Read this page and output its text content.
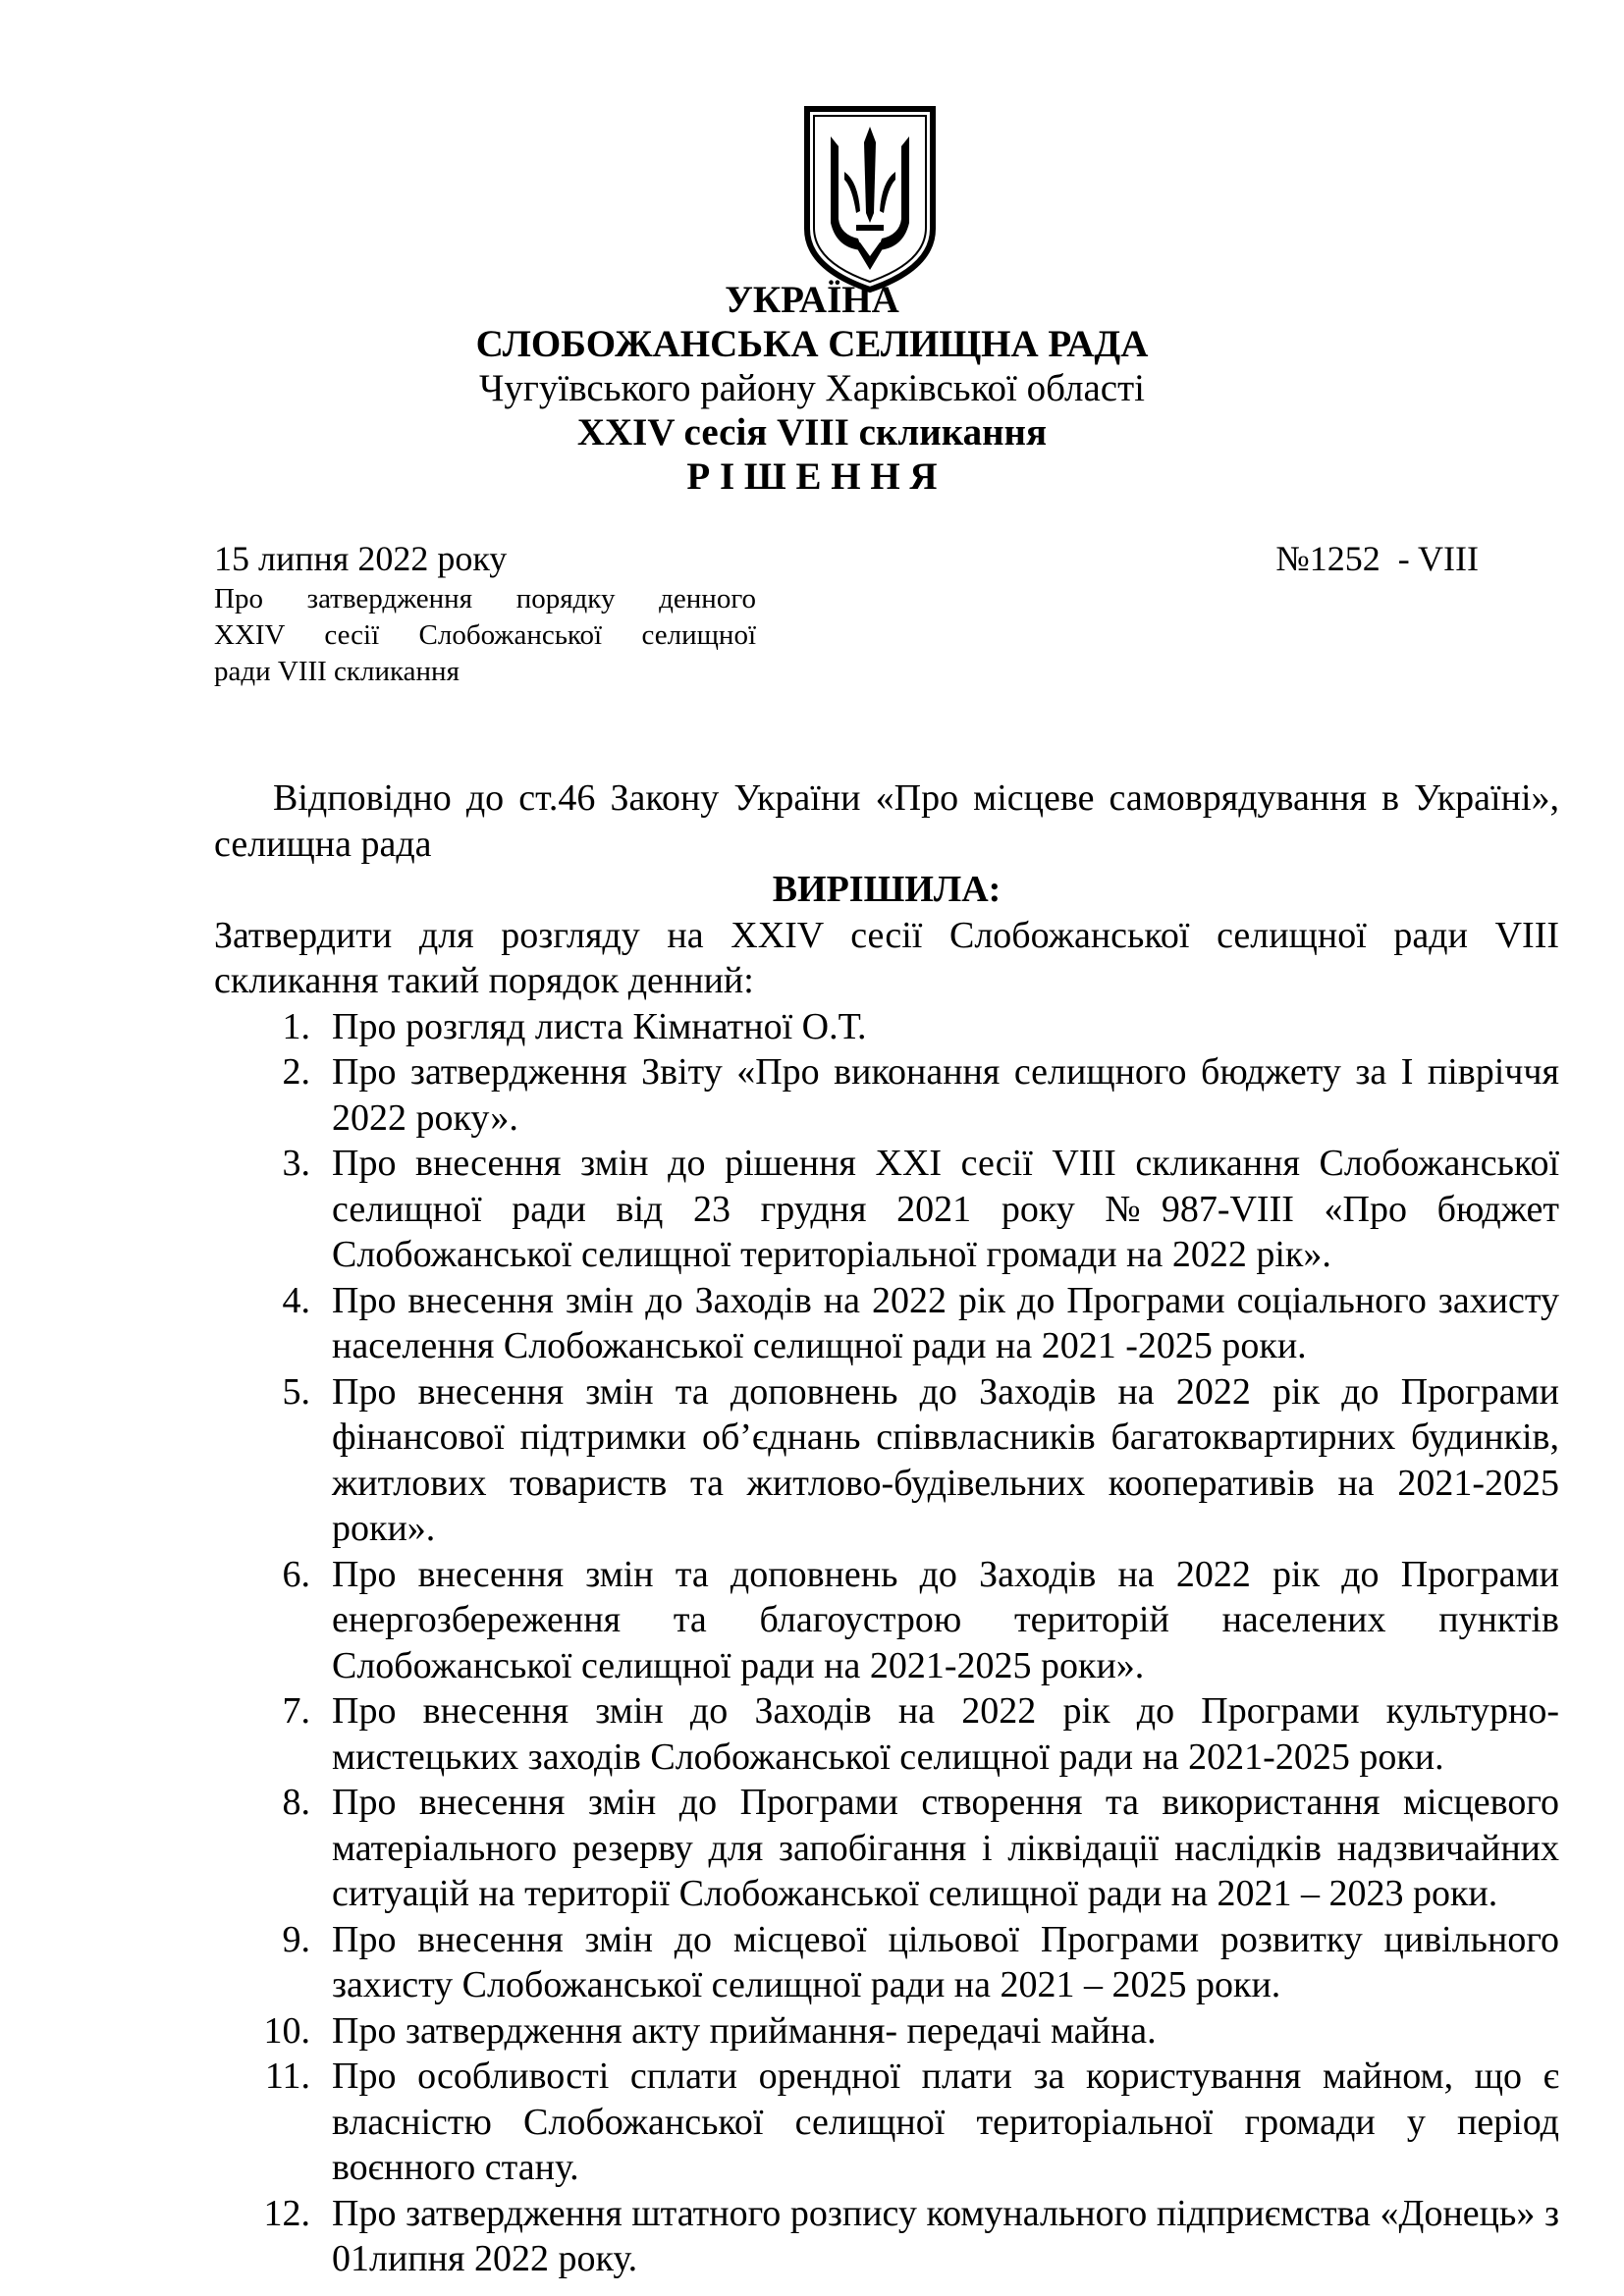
УКРАЇНА
СЛОБОЖАНСЬКА СЕЛИЩНА РАДА
Чугуївського району Харківської області
XXIV сесія VIII скликання
Р І Ш Е Н Н Я
15 липня 2022 року	№1252  - VIII
Про затвердження порядку денного
XXIV сесії Слобожанської селищної
ради VIII скликання
Відповідно до ст.46 Закону України «Про місцеве самоврядування в Україні», селищна рада
ВИРІШИЛА:
Затвердити для розгляду на XXIV сесії Слобожанської селищної ради VIII скликання такий порядок денний:
1. Про розгляд листа Кімнатної О.Т.
2. Про затвердження Звіту «Про виконання селищного бюджету за І півріччя 2022 року».
3. Про внесення змін до рішення XXI сесії VIII скликання Слобожанської селищної ради від 23 грудня 2021 року №987-VIII «Про бюджет Слобожанської селищної територіальної громади на 2022 рік».
4. Про внесення змін до Заходів на 2022 рік до Програми соціального захисту населення Слобожанської селищної ради на 2021 -2025 роки.
5. Про внесення змін та доповнень до Заходів на 2022 рік до Програми фінансової підтримки об’єднань співвласників багатоквартирних будинків, житлових товариств та житлово-будівельних кооперативів на 2021-2025 роки».
6. Про внесення змін та доповнень до Заходів на 2022 рік до Програми енергозбереження та благоустрою територій населених пунктів Слобожанської селищної ради на 2021-2025 роки».
7. Про внесення змін до Заходів на 2022 рік до Програми культурно-мистецьких заходів Слобожанської селищної ради на 2021-2025 роки.
8. Про внесення змін до Програми створення та використання місцевого матеріального резерву для запобігання і ліквідації наслідків надзвичайних ситуацій на території Слобожанської селищної ради на 2021 – 2023 роки.
9. Про внесення змін до місцевої цільової Програми розвитку цивільного захисту Слобожанської селищної ради на 2021 – 2025 роки.
10. Про затвердження акту приймання- передачі майна.
11. Про особливості сплати орендної плати за користування майном, що є власністю Слобожанської селищної територіальної громади у період воєнного стану.
12. Про затвердження штатного розпису комунального підприємства «Донець» з 01липня 2022 року.
